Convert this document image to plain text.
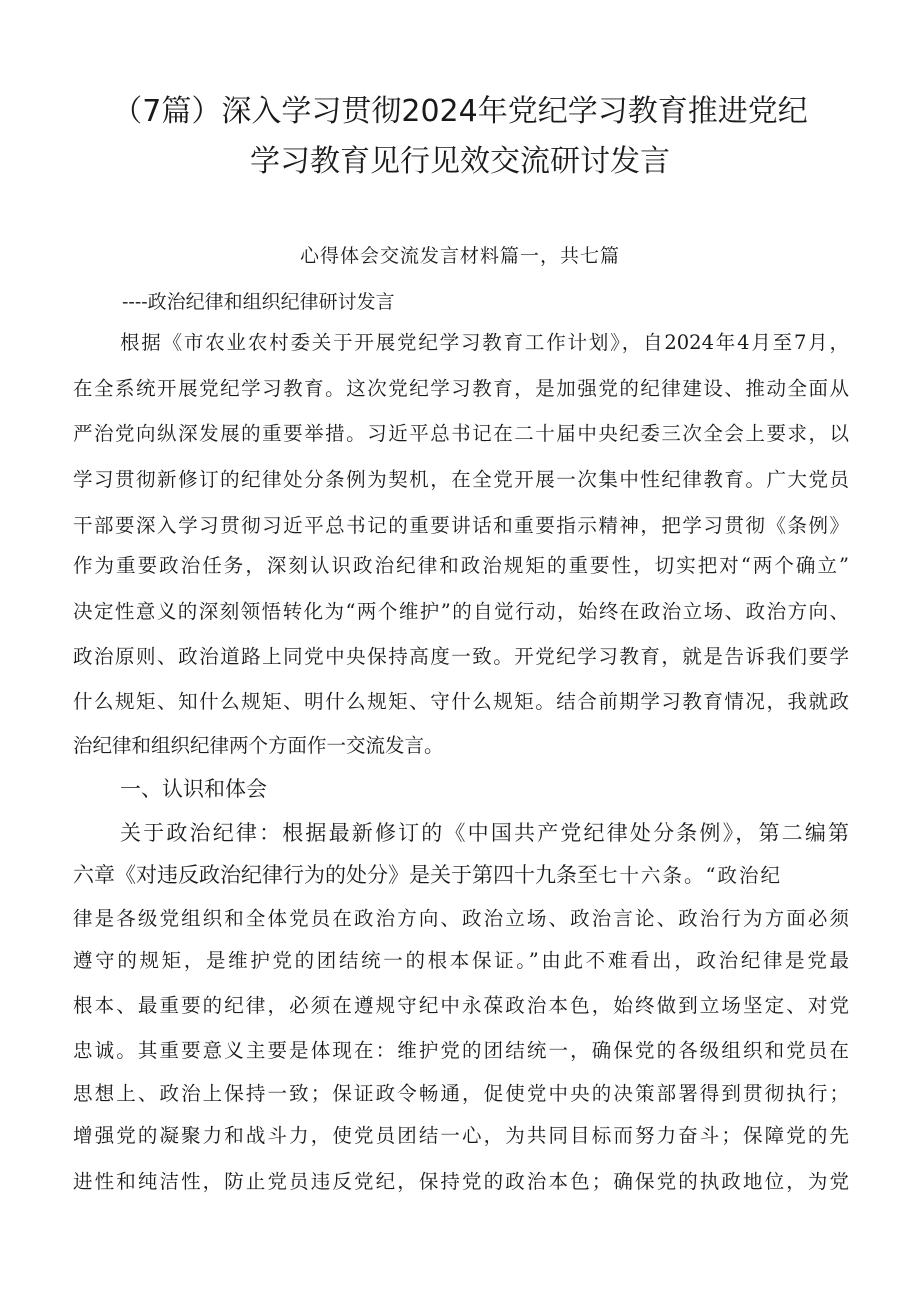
（7篇）深入学习贯彻2024年党纪学习教育推进党纪
学习教育见行见效交流研讨发言
心得体会交流发言材料篇一，共七篇
----政治纪律和组织纪律研讨发言
根据《市农业农村委关于开展党纪学习教育工作计划》，自2024年4月至7月，
在全系统开展党纪学习教育。这次党纪学习教育，是加强党的纪律建设、推动全面从
严治党向纵深发展的重要举措。习近平总书记在二十届中央纪委三次全会上要求，以
学习贯彻新修订的纪律处分条例为契机，在全党开展一次集中性纪律教育。广大党员
干部要深入学习贯彻习近平总书记的重要讲话和重要指示精神，把学习贯彻《条例》
作为重要政治任务，深刻认识政治纪律和政治规矩的重要性，切实把对“两个确立”
决定性意义的深刻领悟转化为“两个维护”的自觉行动，始终在政治立场、政治方向、
政治原则、政治道路上同党中央保持高度一致。开党纪学习教育，就是告诉我们要学
什么规矩、知什么规矩、明什么规矩、守什么规矩。结合前期学习教育情况，我就政
治纪律和组织纪律两个方面作一交流发言。
一、认识和体会
关于政治纪律：根据最新修订的《中国共产党纪律处分条例》，第二编第
六章《对违反政治纪律行为的处分》是关于第四十九条至七十六条。“政治纪
律是各级党组织和全体党员在政治方向、政治立场、政治言论、政治行为方面必须
遵守的规矩，是维护党的团结统一的根本保证。”由此不难看出，政治纪律是党最
根本、最重要的纪律，必须在遵规守纪中永葆政治本色，始终做到立场坚定、对党
忠诚。其重要意义主要是体现在：维护党的团结统一，确保党的各级组织和党员在
思想上、政治上保持一致；保证政令畅通，促使党中央的决策部署得到贯彻执行；
增强党的凝聚力和战斗力，使党员团结一心，为共同目标而努力奋斗；保障党的先
进性和纯洁性，防止党员违反党纪，保持党的政治本色；确保党的执政地位，为党
